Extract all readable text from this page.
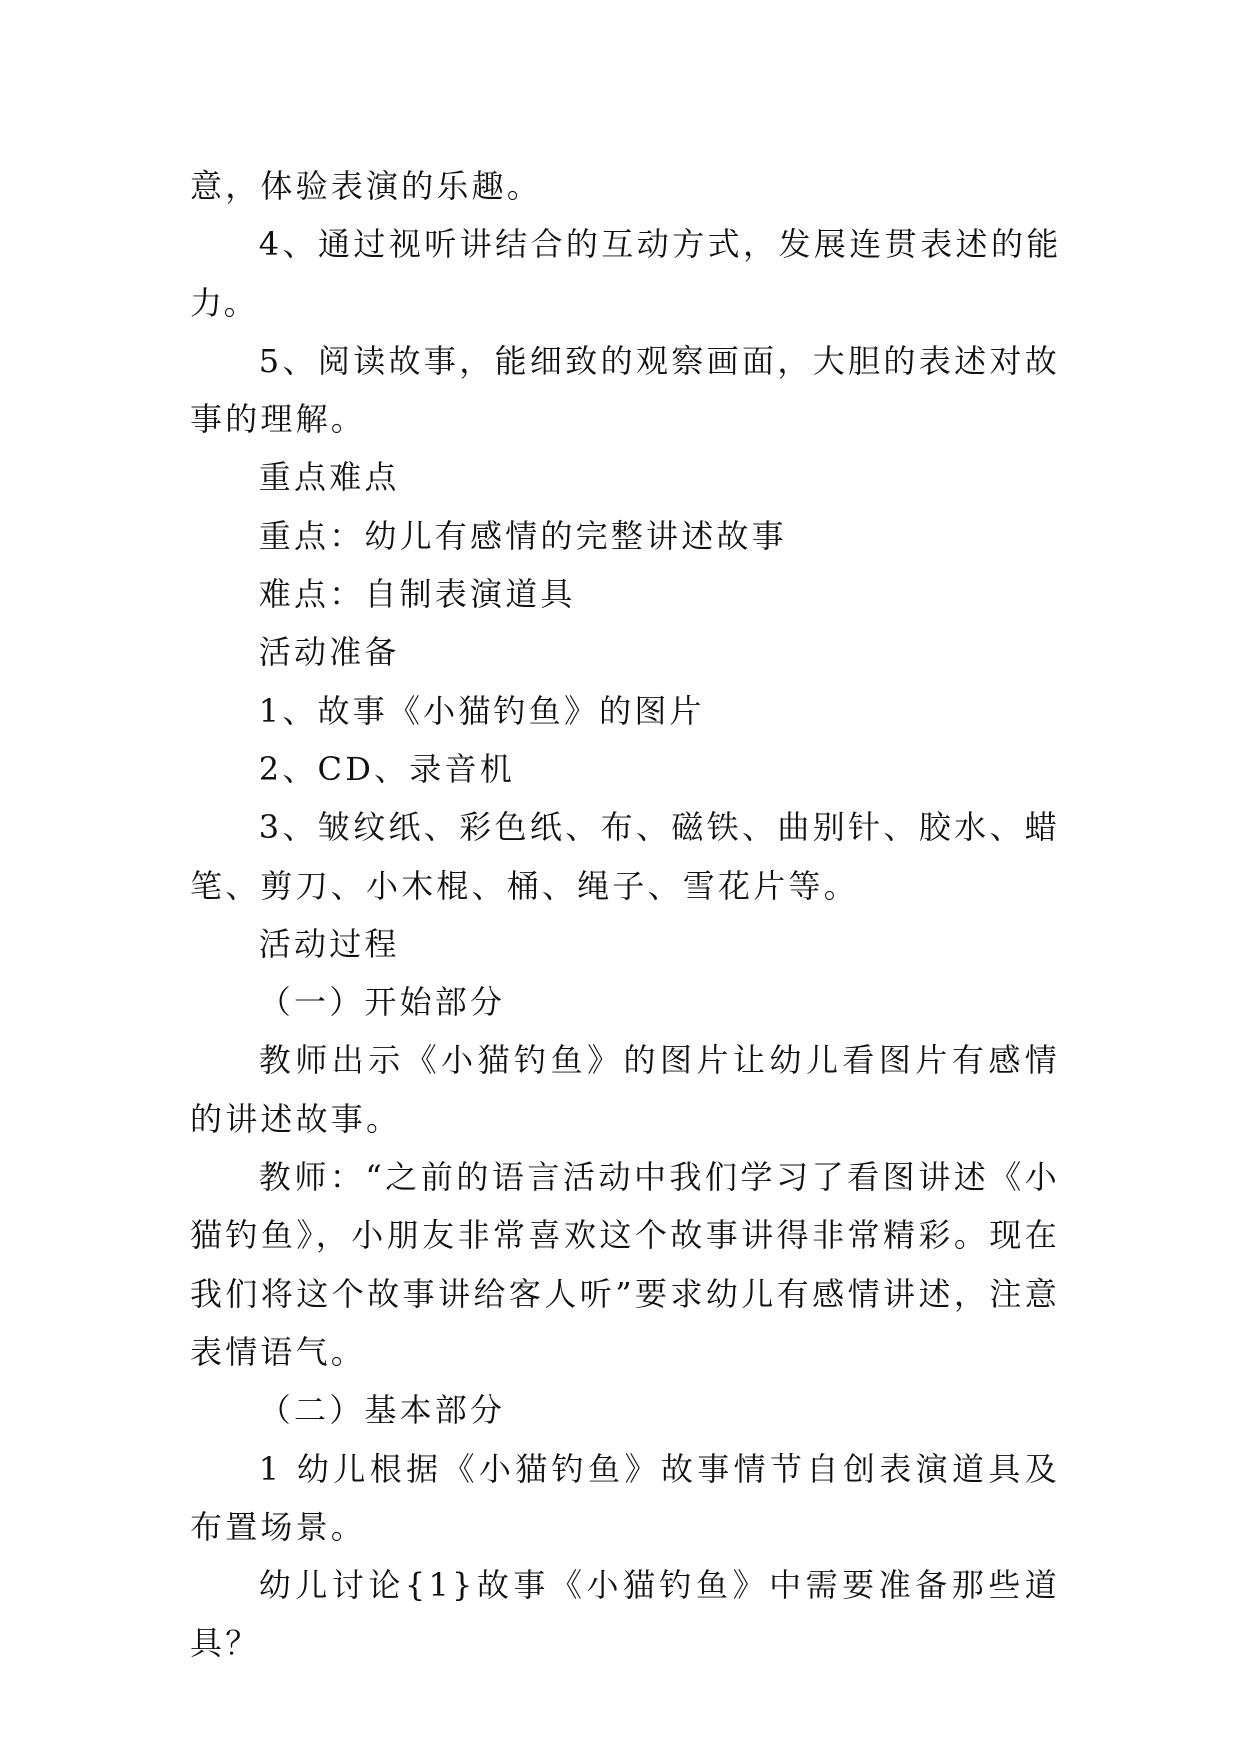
意，体验表演的乐趣。

4、通过视听讲结合的互动方式，发展连贯表述的能力。

5、阅读故事，能细致的观察画面，大胆的表述对故事的理解。

重点难点

重点：幼儿有感情的完整讲述故事

难点：自制表演道具

活动准备

1、故事《小猫钓鱼》的图片

2、CD、录音机

3、皱纹纸、彩色纸、布、磁铁、曲别针、胶水、蜡笔、剪刀、小木棍、桶、绳子、雪花片等。

活动过程

（一）开始部分

教师出示《小猫钓鱼》的图片让幼儿看图片有感情的讲述故事。

教师：“之前的语言活动中我们学习了看图讲述《小猫钓鱼》，小朋友非常喜欢这个故事讲得非常精彩。现在我们将这个故事讲给客人听”要求幼儿有感情讲述，注意表情语气。

（二）基本部分

1 幼儿根据《小猫钓鱼》故事情节自创表演道具及布置场景。

幼儿讨论{1}故事《小猫钓鱼》中需要准备那些道具？
